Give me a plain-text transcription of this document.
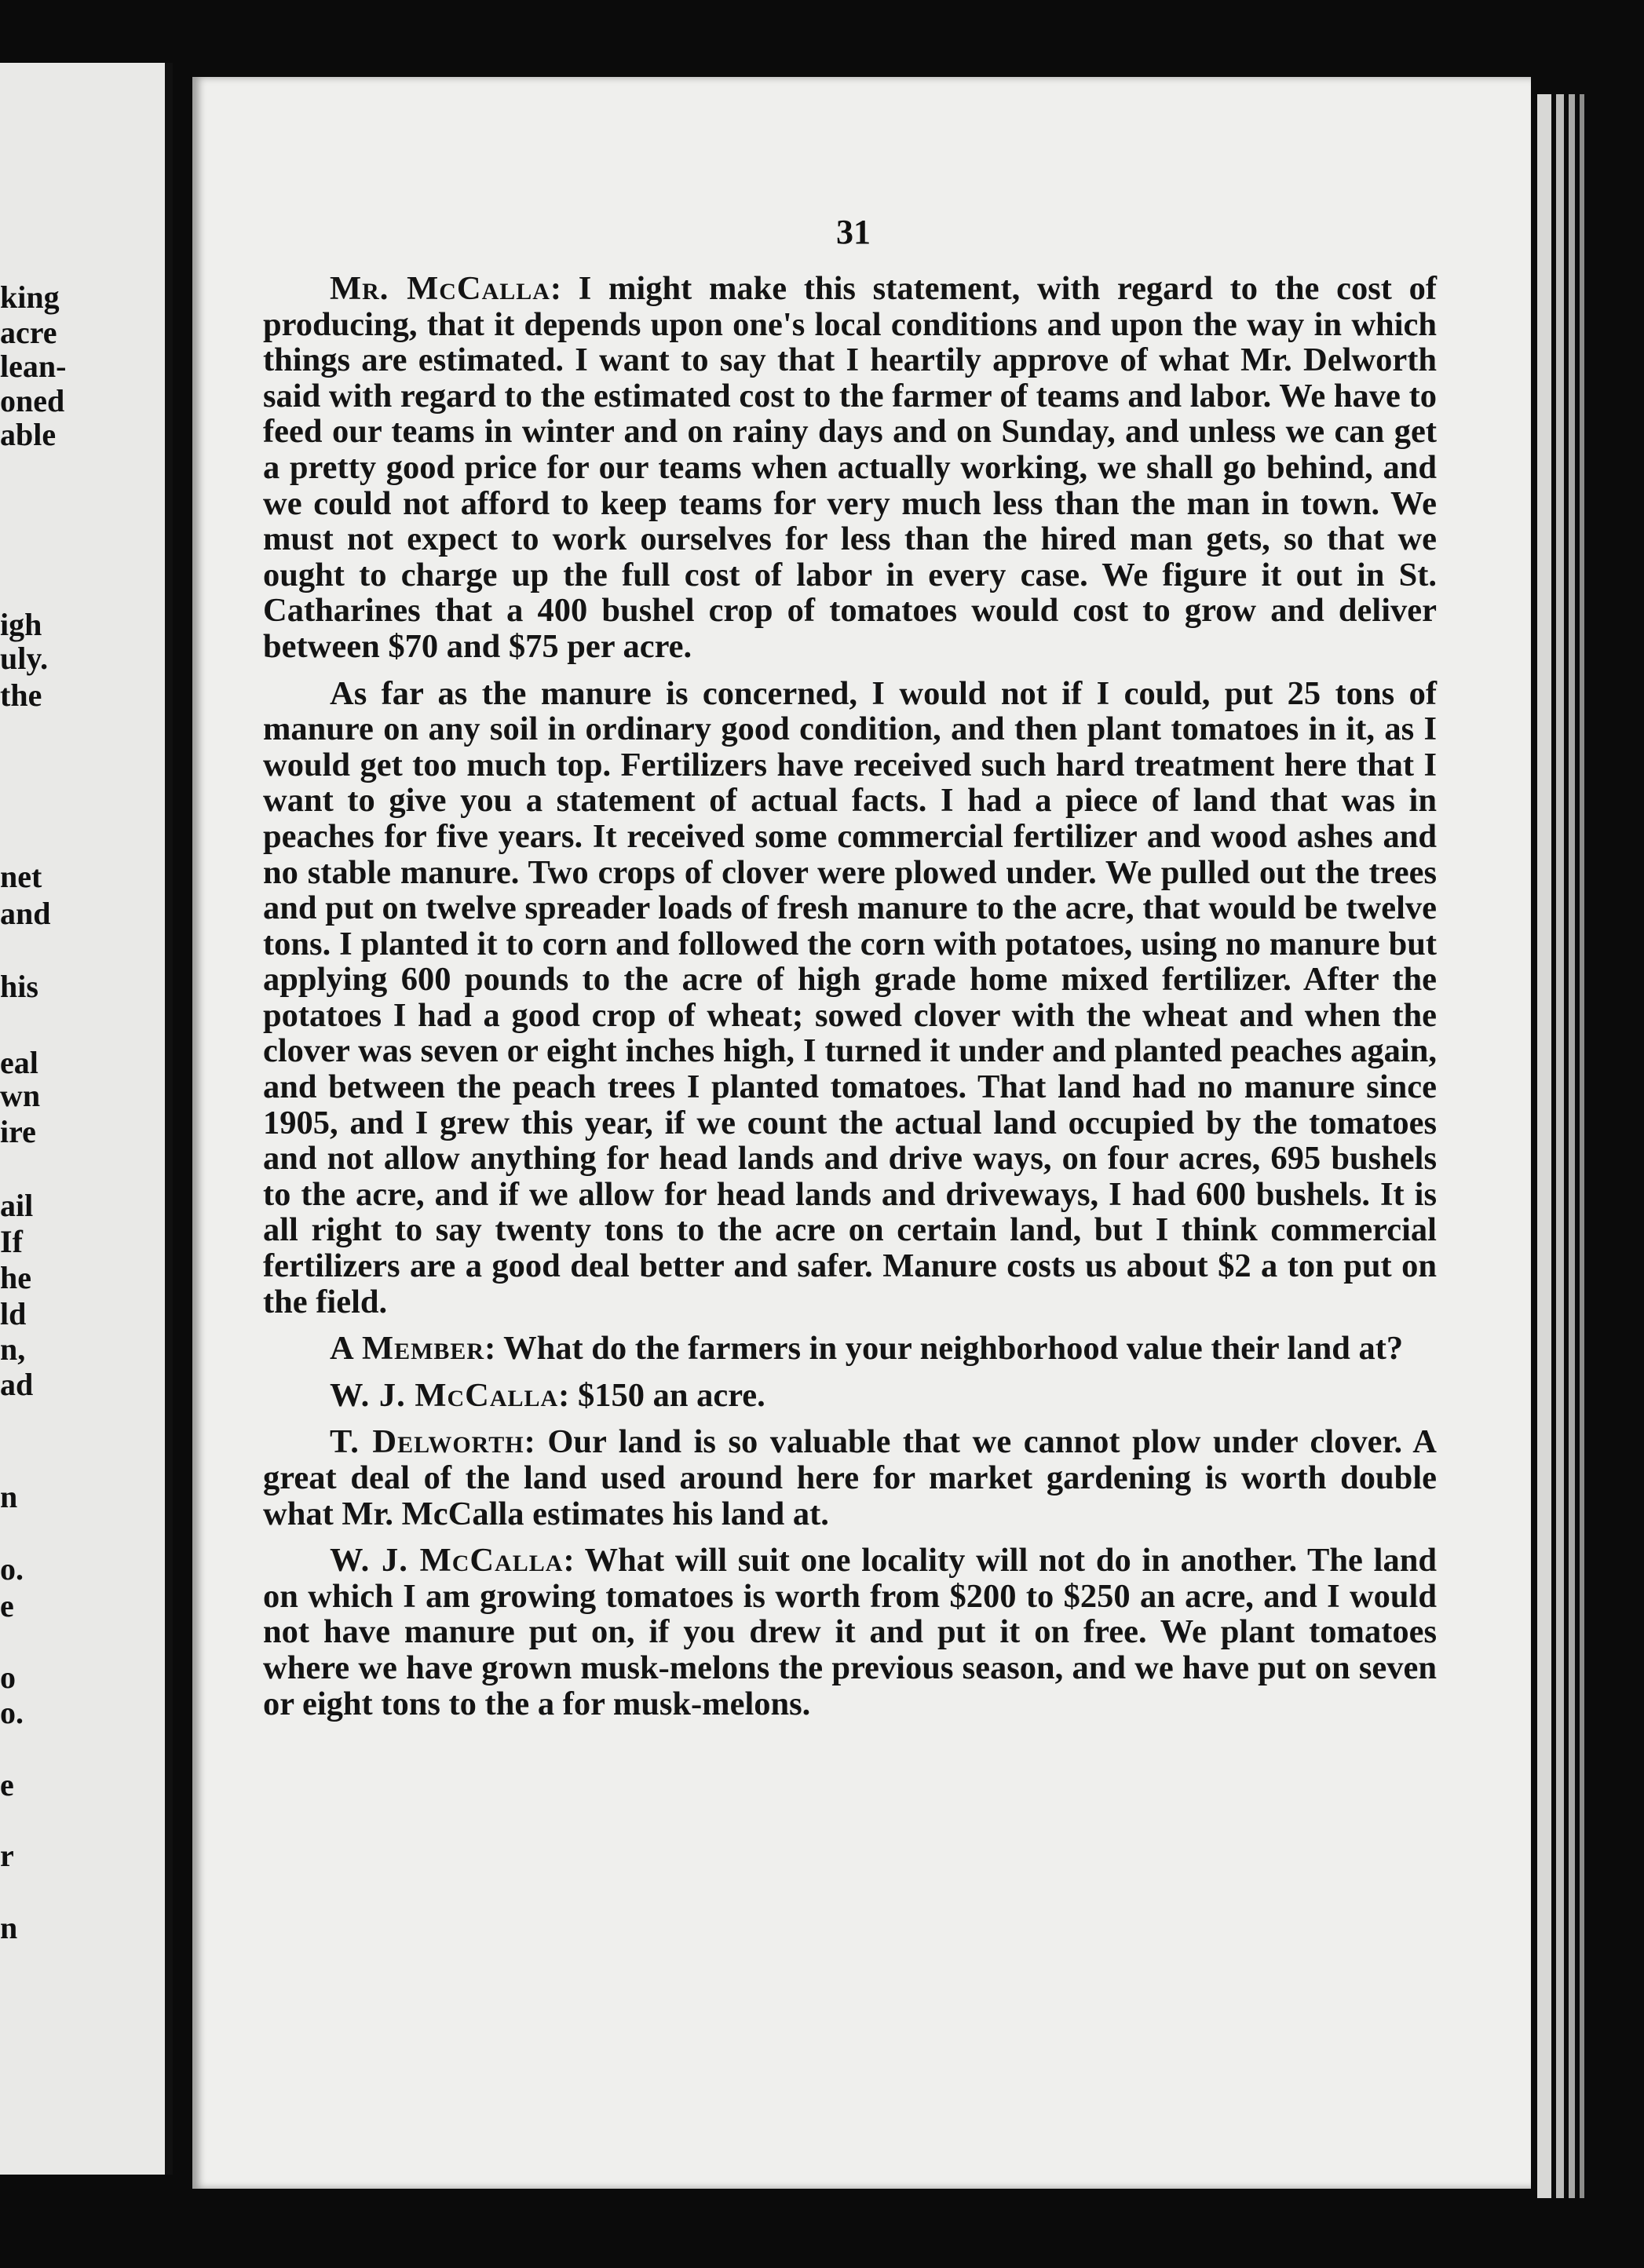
king
acre
lean-
oned
able
igh
uly.
the
net
and
his
eal
wn
ire
ail
If
he
ld
n,
ad
n
o.
e
o
o.
e
r
n
31

Mr. McCalla: I might make this statement, with regard to the cost of producing, that it depends upon one's local conditions and upon the way in which things are estimated. I want to say that I heartily approve of what Mr. Delworth said with regard to the estimated cost to the farmer of teams and labor. We have to feed our teams in winter and on rainy days and on Sunday, and unless we can get a pretty good price for our teams when actually working, we shall go behind, and we could not afford to keep teams for very much less than the man in town. We must not expect to work ourselves for less than the hired man gets, so that we ought to charge up the full cost of labor in every case. We figure it out in St. Catharines that a 400 bushel crop of tomatoes would cost to grow and deliver between $70 and $75 per acre.

As far as the manure is concerned, I would not if I could, put 25 tons of manure on any soil in ordinary good condition, and then plant tomatoes in it, as I would get too much top. Fertilizers have received such hard treatment here that I want to give you a statement of actual facts. I had a piece of land that was in peaches for five years. It received some commercial fertilizer and wood ashes and no stable manure. Two crops of clover were plowed under. We pulled out the trees and put on twelve spreader loads of fresh manure to the acre, that would be twelve tons. I planted it to corn and followed the corn with potatoes, using no manure but applying 600 pounds to the acre of high grade home mixed fertilizer. After the potatoes I had a good crop of wheat; sowed clover with the wheat and when the clover was seven or eight inches high, I turned it under and planted peaches again, and between the peach trees I planted tomatoes. That land had no manure since 1905, and I grew this year, if we count the actual land occupied by the tomatoes and not allow anything for head lands and drive ways, on four acres, 695 bushels to the acre, and if we allow for head lands and driveways, I had 600 bushels. It is all right to say twenty tons to the acre on certain land, but I think commercial fertilizers are a good deal better and safer. Manure costs us about $2 a ton put on the field.

A Member: What do the farmers in your neighborhood value their land at?

W. J. McCalla: $150 an acre.

T. Delworth: Our land is so valuable that we cannot plow under clover. A great deal of the land used around here for market gardening is worth double what Mr. McCalla estimates his land at.

W. J. McCalla: What will suit one locality will not do in another. The land on which I am growing tomatoes is worth from $200 to $250 an acre, and I would not have manure put on, if you drew it and put it on free. We plant tomatoes where we have grown musk-melons the previous season, and we have put on seven or eight tons to the a for musk-melons.
